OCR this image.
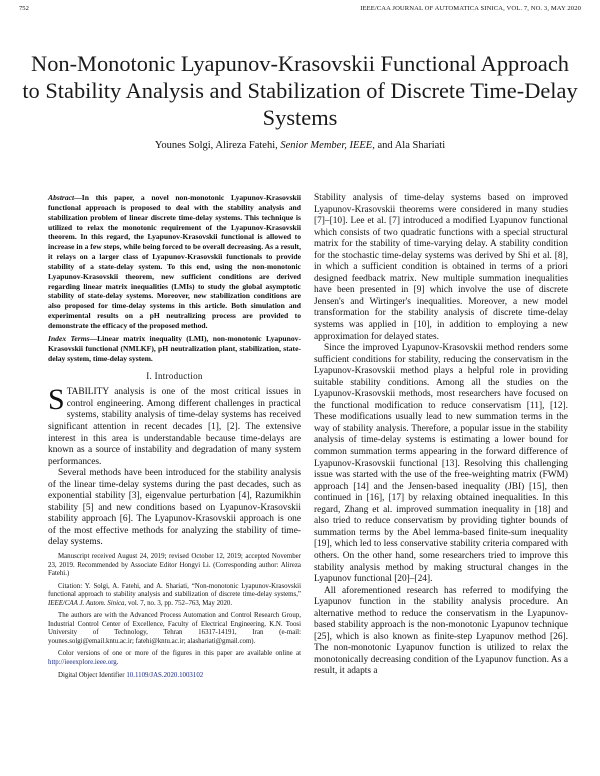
752	IEEE/CAA JOURNAL OF AUTOMATICA SINICA, VOL. 7, NO. 3, MAY 2020
Non-Monotonic Lyapunov-Krasovskii Functional Approach to Stability Analysis and Stabilization of Discrete Time-Delay Systems
Younes Solgi, Alireza Fatehi, Senior Member, IEEE, and Ala Shariati

Abstract—In this paper, a novel non-monotonic Lyapunov-Krasovskii functional approach is proposed to deal with the stability analysis and stabilization problem of linear discrete time-delay systems. This technique is utilized to relax the monotonic requirement of the Lyapunov-Krasovskii theorem. In this regard, the Lyapunov-Krasovskii functional is allowed to increase in a few steps, while being forced to be overall decreasing. As a result, it relays on a larger class of Lyapunov-Krasovskii functionals to provide stability of a state-delay system. To this end, using the non-monotonic Lyapunov-Krasovskii theorem, new sufficient conditions are derived regarding linear matrix inequalities (LMIs) to study the global asymptotic stability of state-delay systems. Moreover, new stabilization conditions are also proposed for time-delay systems in this article. Both simulation and experimental results on a pH neutralizing process are provided to demonstrate the efficacy of the proposed method.

Index Terms—Linear matrix inequality (LMI), non-monotonic Lyapunov-Krasovskii functional (NMLKF), pH neutralization plant, stabilization, state-delay system, time-delay system.

I. Introduction

STABILITY analysis is one of the most critical issues in control engineering. Among different challenges in practical systems, stability analysis of time-delay systems has received significant attention in recent decades [1], [2]. The extensive interest in this area is understandable because time-delays are known as a source of instability and degradation of many system performances.

Several methods have been introduced for the stability analysis of the linear time-delay systems during the past decades, such as exponential stability [3], eigenvalue perturbation [4], Razumikhin stability [5] and new conditions based on Lyapunov-Krasovskii stability approach [6]. The Lyapunov-Krasovskii approach is one of the most effective methods for analyzing the stability of time-delay systems.

Manuscript received August 24, 2019; revised October 12, 2019; accepted November 23, 2019. Recommended by Associate Editor Hongyi Li. (Corresponding author: Alireza Fatehi.)

Citation: Y. Solgi, A. Fatehi, and A. Shariati, “Non-monotonic Lyapunov-Krasovskii functional approach to stability analysis and stabilization of discrete time-delay systems,” IEEE/CAA J. Autom. Sinica, vol. 7, no. 3, pp. 752–763, May 2020.

The authors are with the Advanced Process Automation and Control Research Group, Industrial Control Center of Excellence, Faculty of Electrical Engineering, K.N. Toosi University of Technology, Tehran 16317-14191, Iran (e-mail: younes.solgi@email.kntu.ac.ir; fatehi@kntu.ac.ir; alashariati@gmail.com).

Color versions of one or more of the figures in this paper are available online at http://ieeexplore.ieee.org.

Digital Object Identifier 10.1109/JAS.2020.1003102

Stability analysis of time-delay systems based on improved Lyapunov-Krasovskii theorems were considered in many studies [7]–[10]. Lee et al. [7] introduced a modified Lyapunov functional which consists of two quadratic functions with a special structural matrix for the stability of time-varying delay. A stability condition for the stochastic time-delay systems was derived by Shi et al. [8], in which a sufficient condition is obtained in terms of a priori designed feedback matrix. New multiple summation inequalities have been presented in [9] which involve the use of discrete Jensen's and Wirtinger's inequalities. Moreover, a new model transformation for the stability analysis of discrete time-delay systems was applied in [10], in addition to employing a new approximation for delayed states.

Since the improved Lyapunov-Krasovskii method renders some sufficient conditions for stability, reducing the conservatism in the Lyapunov-Krasovskii method plays a helpful role in providing suitable stability conditions. Among all the studies on the Lyapunov-Krasovskii methods, most researchers have focused on the functional modification to reduce conservatism [11], [12]. These modifications usually lead to new summation terms in the way of stability analysis. Therefore, a popular issue in the stability analysis of time-delay systems is estimating a lower bound for common summation terms appearing in the forward difference of Lyapunov-Krasovskii functional [13]. Resolving this challenging issue was started with the use of the free-weighting matrix (FWM) approach [14] and the Jensen-based inequality (JBI) [15], then continued in [16], [17] by relaxing obtained inequalities. In this regard, Zhang et al. improved summation inequality in [18] and also tried to reduce conservatism by providing tighter bounds of summation terms by the Abel lemma-based finite-sum inequality [19], which led to less conservative stability criteria compared with others. On the other hand, some researchers tried to improve this stability analysis method by making structural changes in the Lyapunov functional [20]–[24].

All aforementioned research has referred to modifying the Lyapunov function in the stability analysis procedure. An alternative method to reduce the conservatism in the Lyapunov-based stability approach is the non-monotonic Lyapunov technique [25], which is also known as finite-step Lyapunov method [26]. The non-monotonic Lyapunov function is utilized to relax the monotonically decreasing condition of the Lyapunov function. As a result, it adapts a
